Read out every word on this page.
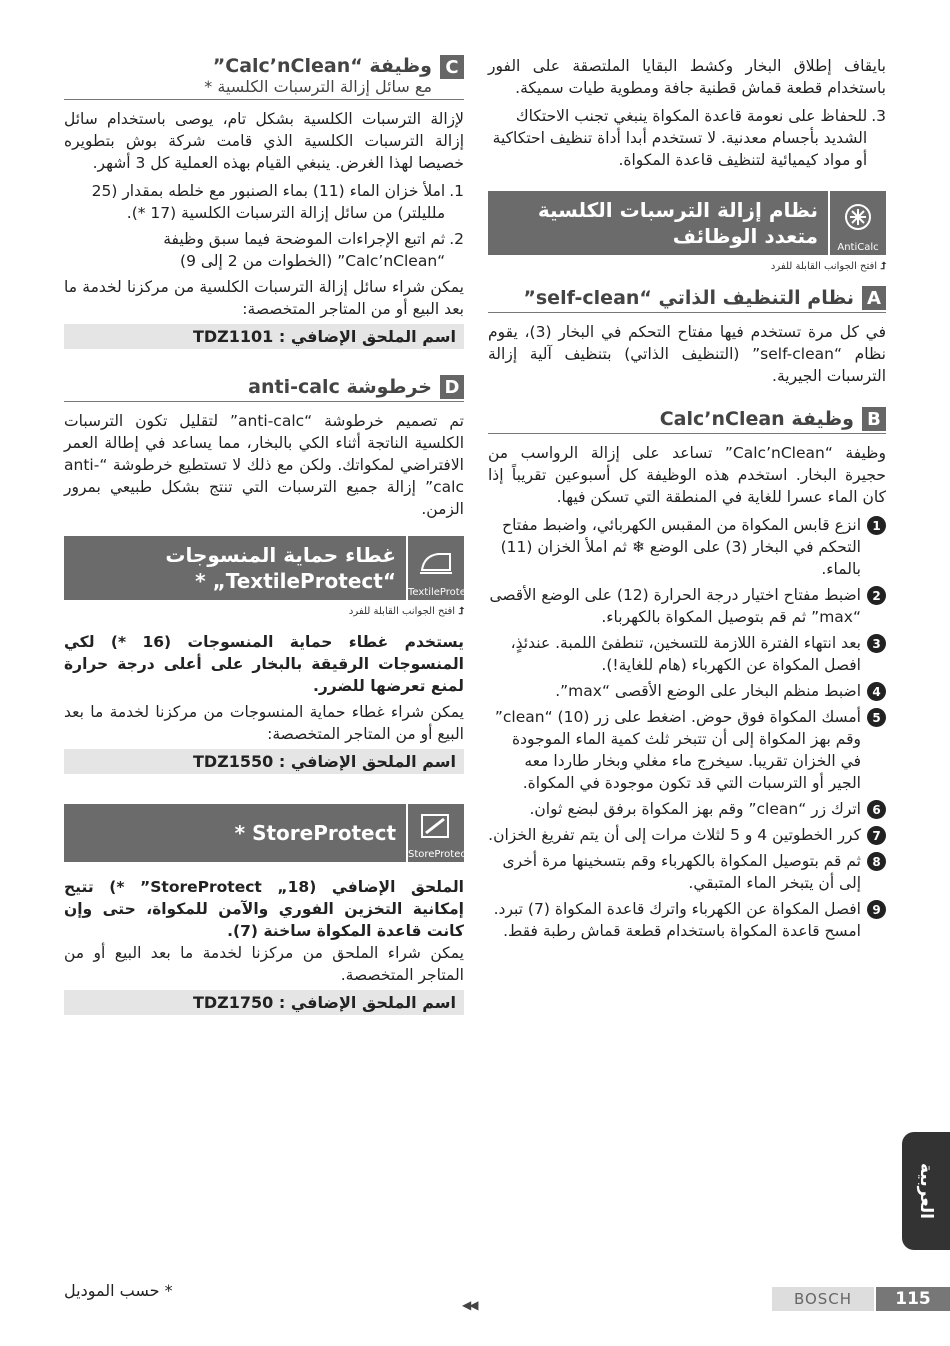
بايقاف إطلاق البخار وكشط البقايا الملتصقة على الفور باستخدام قطعة قماش قطنية جافة ومطوية طيات سميكة.

3.
للحفاظ على نعومة قاعدة المكواة ينبغي تجنب الاحتكاك الشديد بأجسام معدنية. لا تستخدم أبدا أداة تنظيف احتكاكية أو مواد كيميائية لتنظيف قاعدة المكواة.
AntiCalc
نظام إزالة الترسبات الكلسية متعدد الوظائف
⮥افتح الجوانب القابلة للفرد
A
نظام التنظيف الذاتي “self-clean”

في كل مرة تستخدم فيها مفتاح التحكم في البخار (3)، يقوم نظام “self-clean” (التنظيف الذاتي) بتنظيف آلية إزالة الترسبات الجيرية.

B
وظيفة Calc’nClean

وظيفة “Calc’nClean” تساعد على إزالة الرواسب من حجيرة البخار. استخدم هذه الوظيفة كل أسبوعين تقريباً إذا كان الماء عسرا للغاية في المنطقة التي تسكن فيها.

1
انزع قابس المكواة من المقبس الكهربائي، واضبط مفتاح التحكم في البخار (3) على الوضع ❄ ثم املأ الخزان (11) بالماء.
2
اضبط مفتاح اختيار درجة الحرارة (12) على الوضع الأقصى “max” ثم قم بتوصيل المكواة بالكهرباء.
3
بعد انتهاء الفترة اللازمة للتسخين، تنطفئ اللمبة. عندئذٍ، افصل المكواة عن الكهرباء (هام للغاية!).
4
اضبط منظم البخار على الوضع الأقصى “max”.
5
أمسك المكواة فوق حوض. اضغط على زر (10) “clean” وقم بهز المكواة إلى أن تتبخر ثلث كمية الماء الموجودة في الخزان تقريبا. سيخرج ماء مغلي وبخار طاردا معه الجير أو الترسبات التي قد تكون موجودة في المكواة.
6
اترك زر “clean” وقم بهز المكواة برفق لبضع ثوان.
7
كرر الخطوتين 4 و 5 لثلاث مرات إلى أن يتم تفريغ الخزان.
8
ثم قم بتوصيل المكواة بالكهرباء وقم بتسخينها مرة أخرى إلى أن يتبخر الماء المتبقي.
9
افصل المكواة عن الكهرباء واترك قاعدة المكواة (7) تبرد. امسح قاعدة المكواة باستخدام قطعة قماش رطبة فقط.
C
وظيفة “Calc’nClean”
مع سائل إزالة الترسبات الكلسية *

لإزالة الترسبات الكلسية بشكل تام، يوصى باستخدام سائل إزالة الترسبات الكلسية الذي قامت شركة بوش بتطويره خصيصا لهذا الغرض. ينبغي القيام بهذه العملية كل 3 أشهر.

1.
املأ خزان الماء (11) بماء الصنبور مع خلطه بمقدار (25 ملليلتر) من سائل إزالة الترسبات الكلسية (17 *).
2.
ثم اتبع الإجراءات الموضحة فيما سبق وظيفة “Calc’nClean” (الخطوات من 2 إلى 9)

يمكن شراء سائل إزالة الترسبات الكلسية من مركزنا لخدمة ما بعد البيع أو من المتاجر المتخصصة:

اسم الملحق الإضافي : TDZ1101
D
خرطوشة anti-calc

تم تصميم خرطوشة “anti-calc” لتقليل تكون الترسبات الكلسية الناتجة أثناء الكي بالبخار، مما يساعد في إطالة العمر الافتراضي لمكواتك. ولكن مع ذلك لا تستطيع خرطوشة “anti-calc” إزالة جميع الترسبات التي تنتج بشكل طبيعي بمرور الزمن.

TextileProtect
غطاء حماية المنسوجات “TextileProtect„ *
⮥افتح الجوانب القابلة للفرد

يستخدم غطاء حماية المنسوجات (16 *) لكي المنسوجات الرقيقة بالبخار على أعلى درجة حرارة لمنع تعرضها للضرر.

يمكن شراء غطاء حماية المنسوجات من مركزنا لخدمة ما بعد البيع أو من المتاجر المتخصصة:

اسم الملحق الإضافي : TDZ1550
StoreProtect
StoreProtect *

الملحق الإضافي (18„ StoreProtect” *) تتيح إمكانية التخزين الفوري والآمن للمكواة، حتى وإن كانت قاعدة المكواة ساخنة (7).

يمكن شراء الملحق من مركزنا لخدمة ما بعد البيع أو من المتاجر المتخصصة.

اسم الملحق الإضافي : TDZ1750
العربية
* حسب الموديل
◀◀	BOSCH	115
